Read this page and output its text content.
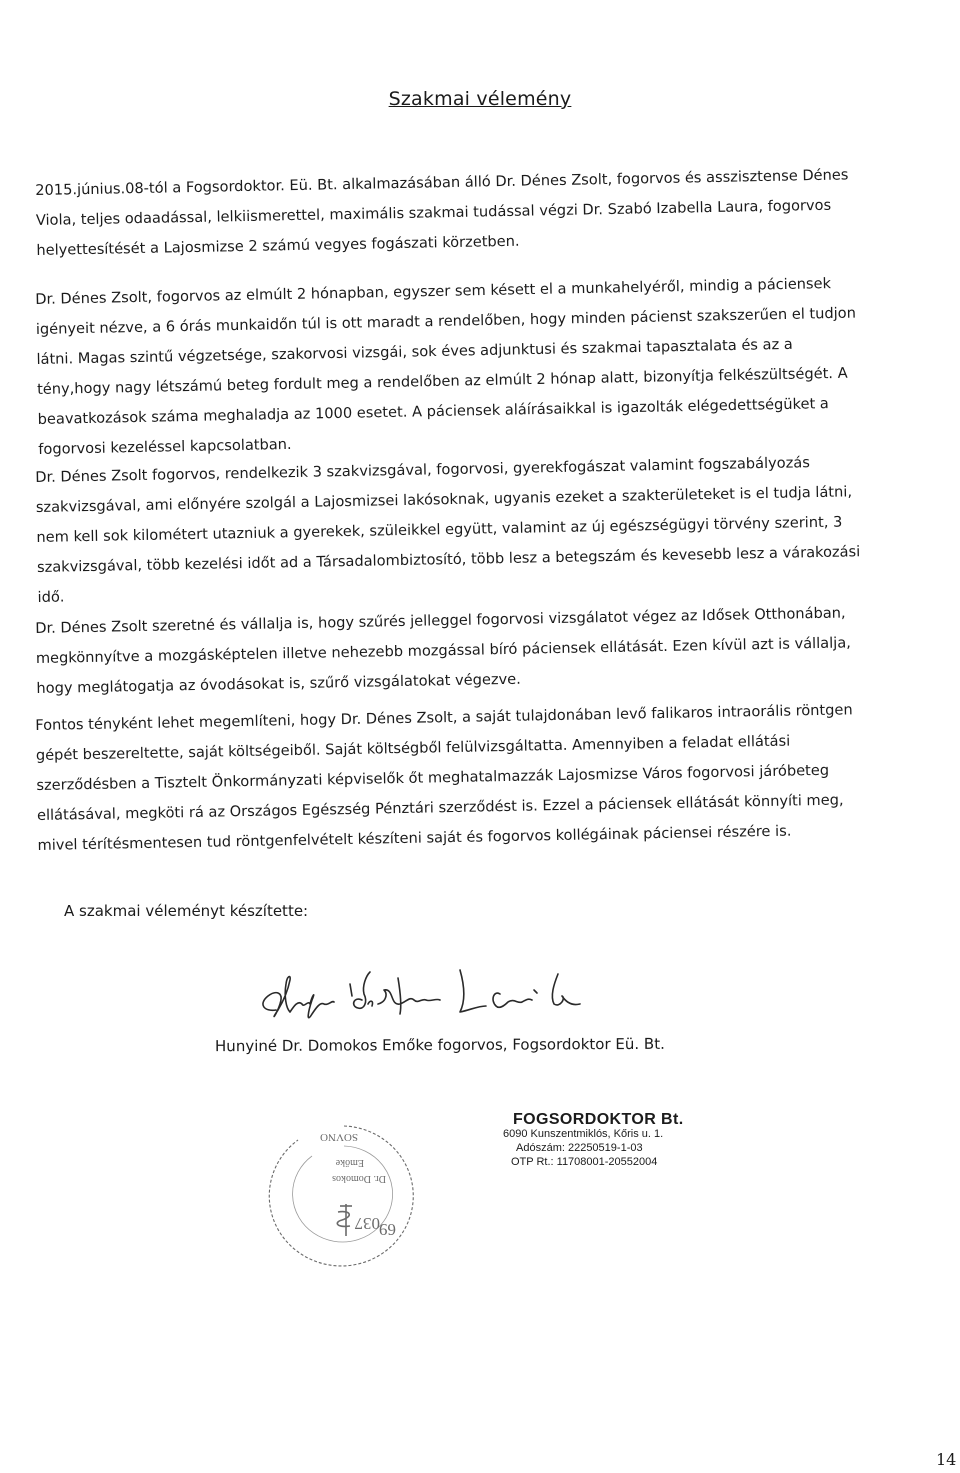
Szakmai vélemény
2015.június.08-tól a Fogsordoktor. Eü. Bt. alkalmazásában álló Dr. Dénes Zsolt, fogorvos és asszisztense Dénes Viola, teljes odaadással, lelkiismerettel, maximális szakmai tudással végzi Dr. Szabó Izabella Laura, fogorvos helyettesítését a Lajosmizse 2 számú vegyes fogászati körzetben.
Dr. Dénes Zsolt, fogorvos az elmúlt 2 hónapban, egyszer sem késett el a munkahelyéről, mindig a páciensek igényeit nézve, a 6 órás munkaidőn túl is ott maradt a rendelőben, hogy minden pácienst szakszerűen el tudjon látni. Magas szintű végzetsége, szakorvosi vizsgái, sok éves adjunktusi és szakmai tapasztalata és az a tény,hogy nagy létszámú beteg fordult meg a rendelőben az elmúlt 2 hónap alatt, bizonyítja felkészültségét. A beavatkozások száma meghaladja az 1000 esetet. A páciensek aláírásaikkal is igazolták elégedettségüket a fogorvosi kezeléssel kapcsolatban.
Dr. Dénes Zsolt fogorvos, rendelkezik 3 szakvizsgával, fogorvosi, gyerekfogászat valamint fogszabályozás szakvizsgával, ami előnyére szolgál a Lajosmizsei lakósoknak, ugyanis ezeket a szakterületeket is el tudja látni, nem kell sok kilométert utazniuk a gyerekek, szüleikkel együtt, valamint az új egészségügyi törvény szerint, 3 szakvizsgával, több kezelési időt ad a Társadalombiztosító, több lesz a betegszám és kevesebb lesz a várakozási idő.
Dr. Dénes Zsolt szeretné és vállalja is, hogy szűrés jelleggel fogorvosi vizsgálatot végez az Idősek Otthonában, megkönnyítve a mozgásképtelen illetve nehezebb mozgással bíró páciensek ellátását. Ezen kívül azt is vállalja, hogy meglátogatja az óvodásokat is, szűrő vizsgálatokat végezve.
Fontos tényként lehet megemlíteni, hogy Dr. Dénes Zsolt, a saját tulajdonában levő falikaros intraorális röntgen gépét beszereltette, saját költségeiből. Saját költségből felülvizsgáltatta. Amennyiben a feladat ellátási szerződésben a Tisztelt Önkormányzati képviselők őt meghatalmazzák Lajosmizse Város fogorvosi járóbeteg ellátásával, megköti rá az Országos Egészség Pénztári szerződést is. Ezzel a páciensek ellátását könnyíti meg, mivel térítésmentesen tud röntgenfelvételt készíteni saját és fogorvos kollégáinak páciensei részére is.
A szakmai véleményt készítette:
Hunyiné Dr. Domokos Emőke fogorvos, Fogsordoktor Eü. Bt.
SOVNO
Emőke
Dr. Domokos
037 69
FOGSORDOKTOR Bt.
6090 Kunszentmiklós, Kőris u. 1.
Adószám: 22250519-1-03
OTP Rt.: 11708001-20552004
14
